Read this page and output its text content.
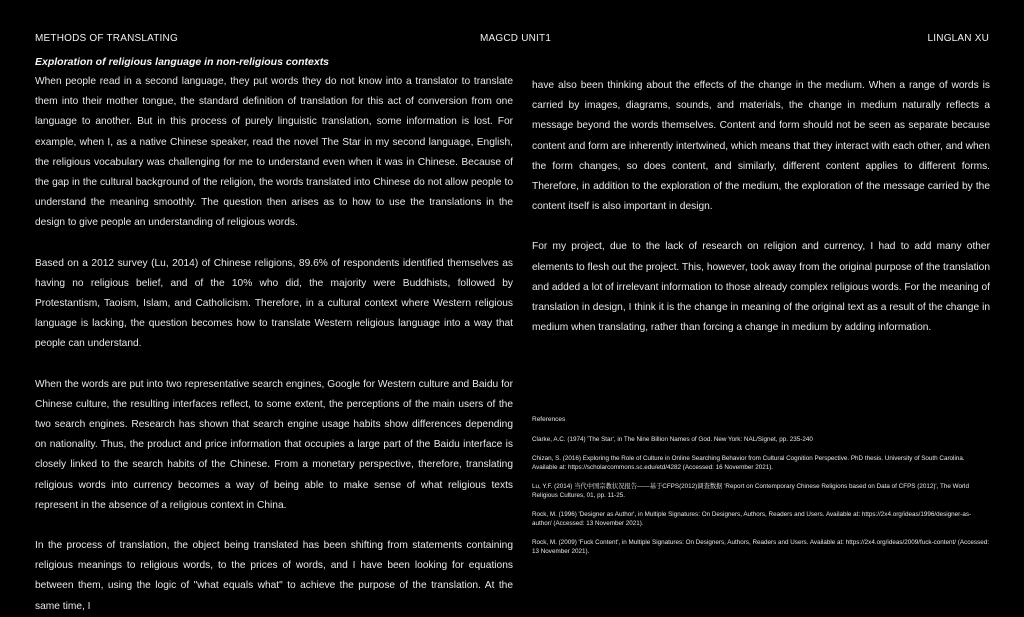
METHODS OF TRANSLATING	MAGCD UNIT1	LINGLAN XU
Exploration of religious language in non-religious contexts

When people read in a second language, they put words they do not know into a translator to translate them into their mother tongue, the standard definition of translation for this act of conversion from one language to another. But in this process of purely linguistic translation, some information is lost. For example, when I, as a native Chinese speaker, read the novel The Star in my second language, English, the religious vocabulary was challenging for me to understand even when it was in Chinese. Because of the gap in the cultural background of the religion, the words translated into Chinese do not allow people to understand the meaning smoothly. The question then arises as to how to use the translations in the design to give people an understanding of religious words.

Based on a 2012 survey (Lu, 2014) of Chinese religions, 89.6% of respondents identified themselves as having no religious belief, and of the 10% who did, the majority were Buddhists, followed by Protestantism, Taoism, Islam, and Catholicism. Therefore, in a cultural context where Western religious language is lacking, the question becomes how to translate Western religious language into a way that people can understand.

When the words are put into two representative search engines, Google for Western culture and Baidu for Chinese culture, the resulting interfaces reflect, to some extent, the perceptions of the main users of the two search engines. Research has shown that search engine usage habits show differences depending on nationality. Thus, the product and price information that occupies a large part of the Baidu interface is closely linked to the search habits of the Chinese. From a monetary perspective, therefore, translating religious words into currency becomes a way of being able to make sense of what religious texts represent in the absence of a religious context in China.

In the process of translation, the object being translated has been shifting from statements containing religious meanings to religious words, to the prices of words, and I have been looking for equations between them, using the logic of "what equals what" to achieve the purpose of the translation. At the same time, I

have also been thinking about the effects of the change in the medium. When a range of words is carried by images, diagrams, sounds, and materials, the change in medium naturally reflects a message beyond the words themselves. Content and form should not be seen as separate because content and form are inherently intertwined, which means that they interact with each other, and when the form changes, so does content, and similarly, different content applies to different forms. Therefore, in addition to the exploration of the medium, the exploration of the message carried by the content itself is also important in design.

For my project, due to the lack of research on religion and currency, I had to add many other elements to flesh out the project. This, however, took away from the original purpose of the translation and added a lot of irrelevant information to those already complex religious words. For the meaning of translation in design, I think it is the change in meaning of the original text as a result of the change in medium when translating, rather than forcing a change in medium by adding information.

References
Clarke, A.C. (1974) 'The Star', in The Nine Billion Names of God. New York: NAL/Signet, pp. 235-240
Chizan, S. (2016) Exploring the Role of Culture in Online Searching Behavior from Cultural Cognition Perspective. PhD thesis. University of South Carolina. Available at: https://scholarcommons.sc.edu/etd/4282 (Accessed: 16 November 2021).
Lu, Y.F. (2014) 当代中国宗教状况报告——基于CFPS(2012)调查数据 'Report on Contemporary Chinese Religions based on Data of CFPS (2012)', The World Religious Cultures, 01, pp. 11-25.
Rock, M. (1996) 'Designer as Author', in Multiple Signatures: On Designers, Authors, Readers and Users. Available at: https://2x4.org/ideas/1996/designer-as-author/ (Accessed: 13 November 2021).
Rock, M. (2009) 'Fuck Content', in Multiple Signatures: On Designers, Authors, Readers and Users. Available at: https://2x4.org/ideas/2009/fuck-content/ (Accessed: 13 November 2021).
